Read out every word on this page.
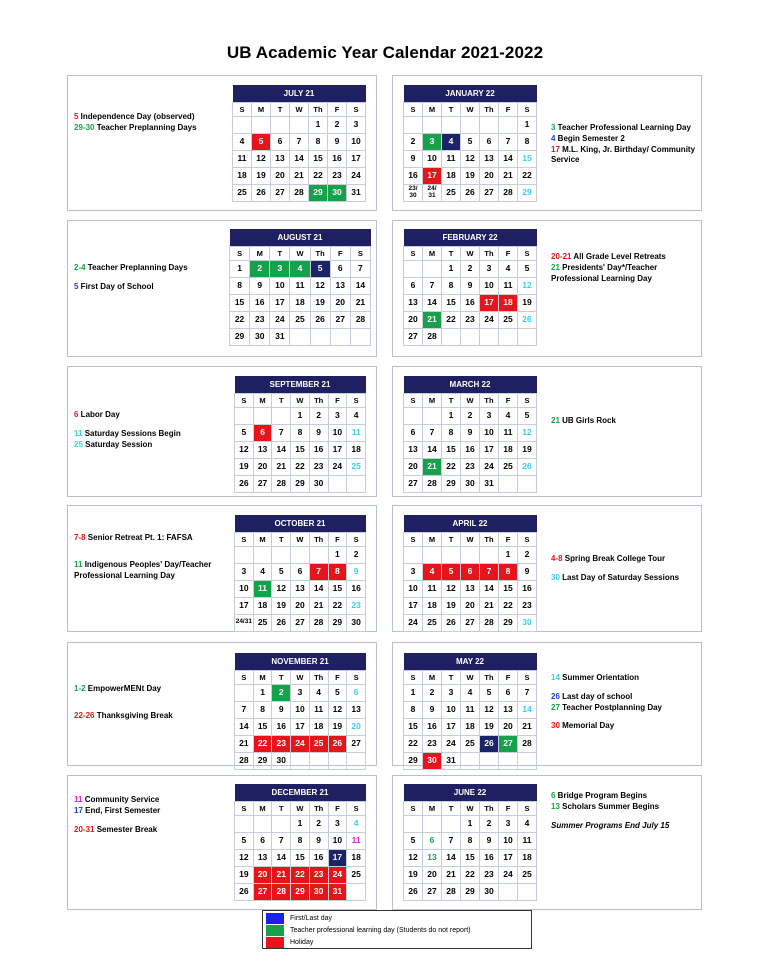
UB Academic Year Calendar 2021-2022
JULY 21						
S	M	T	W	Th	F	S
				1	2	3
4	5	6	7	8	9	10
11	12	13	14	15	16	17
18	19	20	21	22	23	24
25	26	27	28	29	30	31
AUGUST 21						
S	M	T	W	Th	F	S
1	2	3	4	5	6	7
8	9	10	11	12	13	14
15	16	17	18	19	20	21
22	23	24	25	26	27	28
29	30	31				
SEPTEMBER 21						
S	M	T	W	Th	F	S
			1	2	3	4
5	6	7	8	9	10	11
12	13	14	15	16	17	18
19	20	21	22	23	24	25
26	27	28	29	30		
OCTOBER 21						
S	M	T	W	Th	F	S
					1	2
3	4	5	6	7	8	9
10	11	12	13	14	15	16
17	18	19	20	21	22	23
24/31	25	26	27	28	29	30
NOVEMBER 21						
S	M	T	W	Th	F	S
	1	2	3	4	5	6
7	8	9	10	11	12	13
14	15	16	17	18	19	20
21	22	23	24	25	26	27
28	29	30				
DECEMBER 21						
S	M	T	W	Th	F	S
			1	2	3	4
5	6	7	8	9	10	11
12	13	14	15	16	17	18
19	20	21	22	23	24	25
26	27	28	29	30	31	
JANUARY 22						
S	M	T	W	Th	F	S
						1
2	3	4	5	6	7	8
9	10	11	12	13	14	15
16	17	18	19	20	21	22
23/ 30	24/ 31	25	26	27	28	29
FEBRUARY 22						
S	M	T	W	Th	F	S
		1	2	3	4	5
6	7	8	9	10	11	12
13	14	15	16	17	18	19
20	21	22	23	24	25	26
27	28					
MARCH 22						
S	M	T	W	Th	F	S
		1	2	3	4	5
6	7	8	9	10	11	12
13	14	15	16	17	18	19
20	21	22	23	24	25	26
27	28	29	30	31		
APRIL 22						
S	M	T	W	Th	F	S
					1	2
3	4	5	6	7	8	9
10	11	12	13	14	15	16
17	18	19	20	21	22	23
24	25	26	27	28	29	30
MAY 22						
S	M	T	W	Th	F	S
1	2	3	4	5	6	7
8	9	10	11	12	13	14
15	16	17	18	19	20	21
22	23	24	25	26	27	28
29	30	31				
JUNE 22						
S	M	T	W	Th	F	S
			1	2	3	4
5	6	7	8	9	10	11
12	13	14	15	16	17	18
19	20	21	22	23	24	25
26	27	28	29	30		
5 Independence Day (observed)
29-30 Teacher Preplanning Days
2-4 Teacher Preplanning Days
5 First Day of School
6 Labor Day
11 Saturday Sessions Begin
25 Saturday Session
7-8 Senior Retreat Pt. 1: FAFSA
11 Indigenous Peoples' Day/Teacher Professional Learning Day
1-2 EmpowerMENt Day
22-26 Thanksgiving Break
11 Community Service
17 End, First Semester
20-31 Semester Break
3 Teacher Professional Learning Day
4 Begin Semester 2
17 M.L. King, Jr. Birthday/ Community Service
20-21 All Grade Level Retreats
21 Presidents' Day*/Teacher Professional Learning Day
21 UB Girls Rock
4-8 Spring Break College Tour
30 Last Day of Saturday Sessions
14 Summer Orientation
26 Last day of school
27 Teacher Postplanning Day
30 Memorial Day
6 Bridge Program Begins
13 Scholars Summer Begins
Summer Programs End July 15
First/Last day
Teacher professional learning day (Students do not report)
Holiday
